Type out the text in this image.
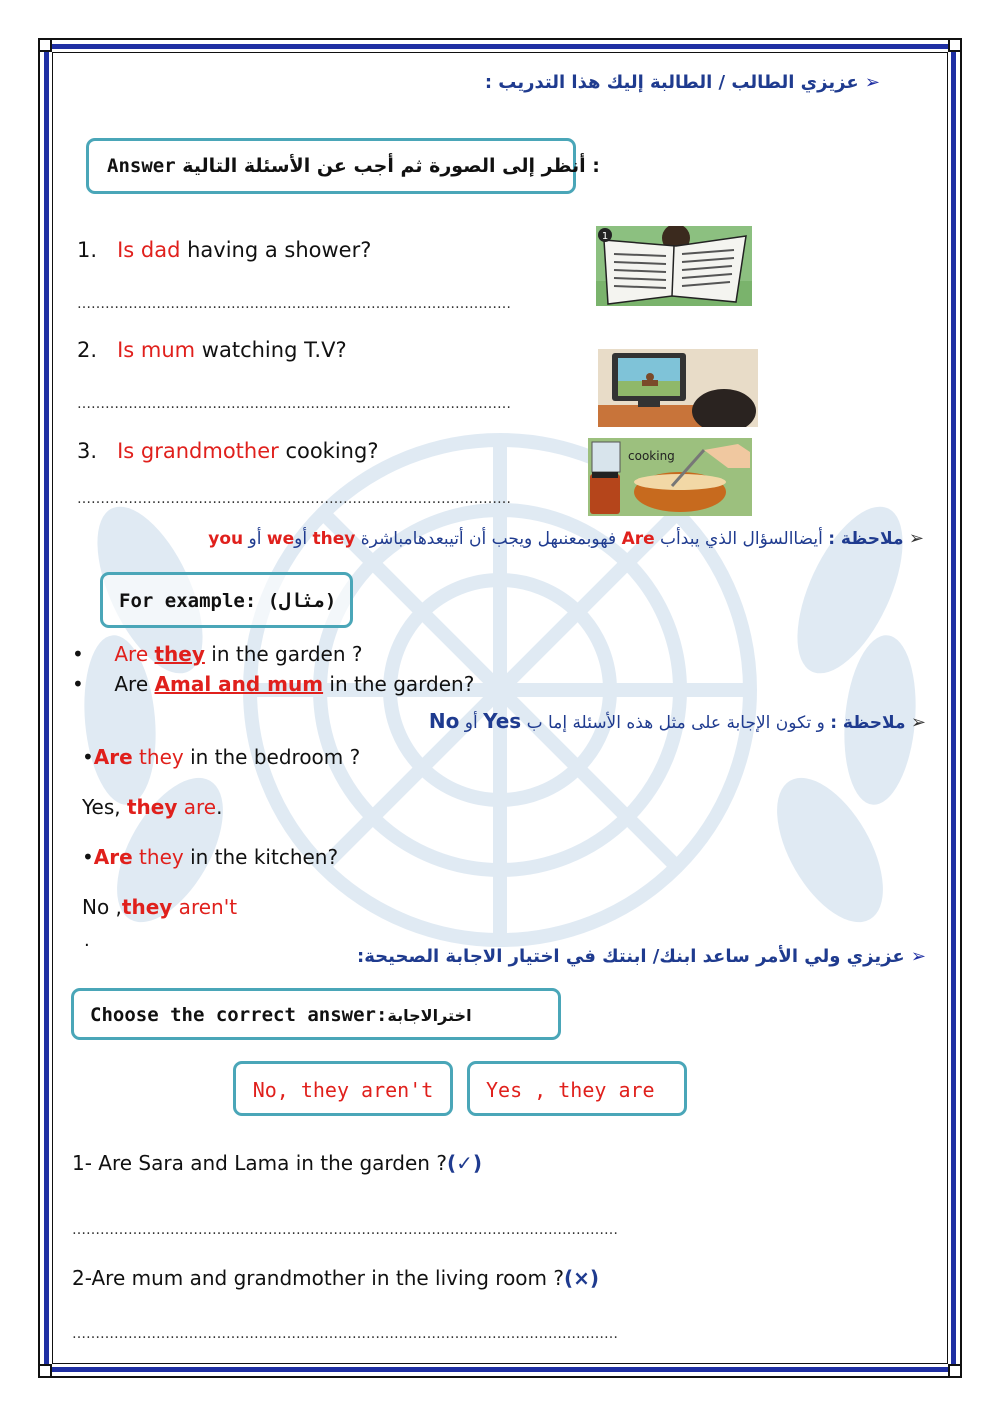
➢ عزيزي الطالب / الطالبة إليك هذا التدريب :
: أنظر إلى الصورة ثم أجب عن الأسئلة التالية Answer
1. Is dad having a shower?
…………………………………………………………………………………
1
2. Is mum watching T.V?
…………………………………………………………………………………
3. Is grandmother cooking?
…………………………………………………………………………………
cooking
➢ ملاحظة : أيضاالسؤال الذي يبدأب Are فهوبمعنىهل ويجب أن أتيبعدهامباشرة they أوwe أو you
For example: (مثال)
• Are they in the garden ?
• Are Amal and mum in the garden?
➢ ملاحظة : و تكون الإجابة على مثل هذه الأسئلة إما ب Yes أو No
•Are they in the bedroom ?
Yes, they are.
•Are they in the kitchen?
No ,they aren't
.
➢ عزيزي ولي الأمر ساعد ابنك/ ابنتك في اختيار الاجابة الصحيحة:
Choose the correct answer:اخترالاجابة
No, they aren't	Yes , they are
1- Are Sara and Lama in the garden ?(✓)
………………………………………………………………………………………………………
2-Are mum and grandmother in the living room ?(×)
………………………………………………………………………………………………………
